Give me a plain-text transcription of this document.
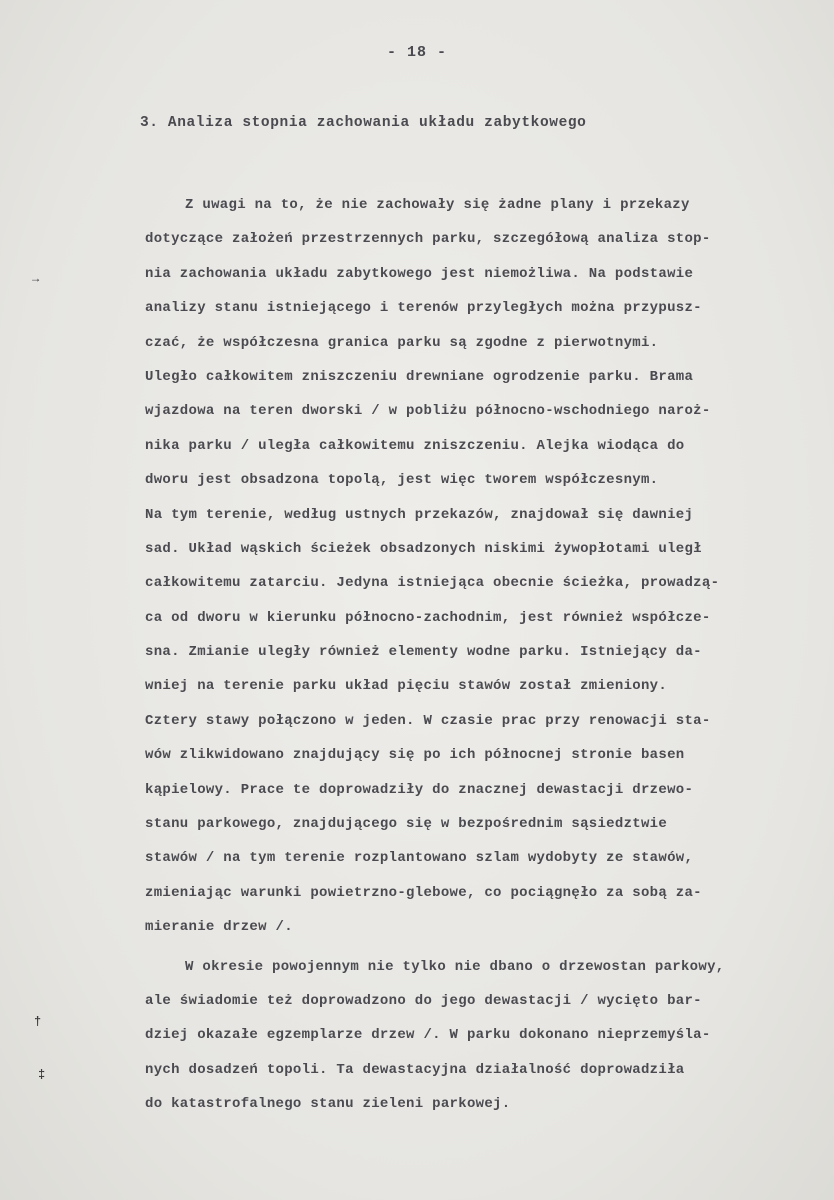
- 18 -
3. Analiza stopnia zachowania układu zabytkowego
Z uwagi na to, że nie zachowały się żadne plany i przekazy
dotyczące założeń przestrzennych parku, szczegółową analiza stop-
nia zachowania układu zabytkowego jest niemożliwa. Na podstawie
analizy stanu istniejącego i terenów przyległych można przypusz-
czać, że współczesna granica parku są zgodne z pierwotnymi.
Uległo całkowitem zniszczeniu drewniane ogrodzenie parku. Brama
wjazdowa na teren dworski / w pobliżu północno-wschodniego naroż-
nika parku / uległa całkowitemu zniszczeniu. Alejka wiodąca do
dworu jest obsadzona topolą, jest więc tworem współczesnym.
Na tym terenie, według ustnych przekazów, znajdował się dawniej
sad. Układ wąskich ścieżek obsadzonych niskimi żywopłotami uległ
całkowitemu zatarciu. Jedyna istniejąca obecnie ścieżka, prowadzą-
ca od dworu w kierunku północno-zachodnim, jest również współcze-
sna. Zmianie uległy również elementy wodne parku. Istniejący da-
wniej na terenie parku układ pięciu stawów został zmieniony.
Cztery stawy połączono w jeden. W czasie prac przy renowacji sta-
wów zlikwidowano znajdujący się po ich północnej stronie basen
kąpielowy. Prace te doprowadziły do znacznej dewastacji drzewo-
stanu parkowego, znajdującego się w bezpośrednim sąsiedztwie
stawów / na tym terenie rozplantowano szlam wydobyty ze stawów,
zmieniając warunki powietrzno-glebowe, co pociągnęło za sobą za-
mieranie drzew /.
W okresie powojennym nie tylko nie dbano o drzewostan parkowy,
ale świadomie też doprowadzono do jego dewastacji / wycięto bar-
dziej okazałe egzemplarze drzew /. W parku dokonano nieprzemyśla-
nych dosadzeń topoli. Ta dewastacyjna działalność doprowadziła
do katastrofalnego stanu zieleni parkowej.
→
†
‡
